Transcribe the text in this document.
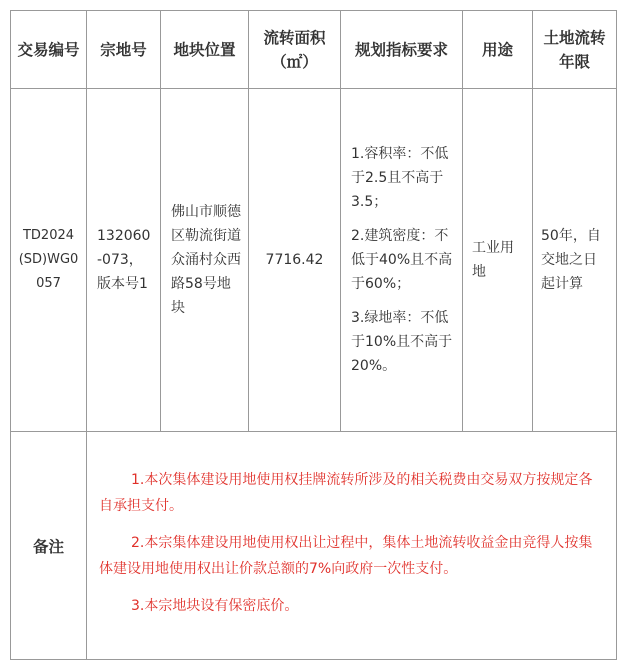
交易编号	宗地号	地块位置	流转面积（㎡）	规划指标要求	用途	土地流转年限
TD2024(SD)WG0057	132060-073，版本号1	佛山市顺德区勒流街道众涌村众西路58号地块	7716.42	1.容积率：不低于2.5且不高于3.5；
2.建筑密度：不低于40%且不高于60%；
3.绿地率：不低于10%且不高于20%。	工业用地	50年，自交地之日起计算
备注	1.本次集体建设用地使用权挂牌流转所涉及的相关税费由交易双方按规定各自承担支付。
2.本宗集体建设用地使用权出让过程中，集体土地流转收益金由竞得人按集体建设用地使用权出让价款总额的7%向政府一次性支付。
3.本宗地块设有保密底价。					
